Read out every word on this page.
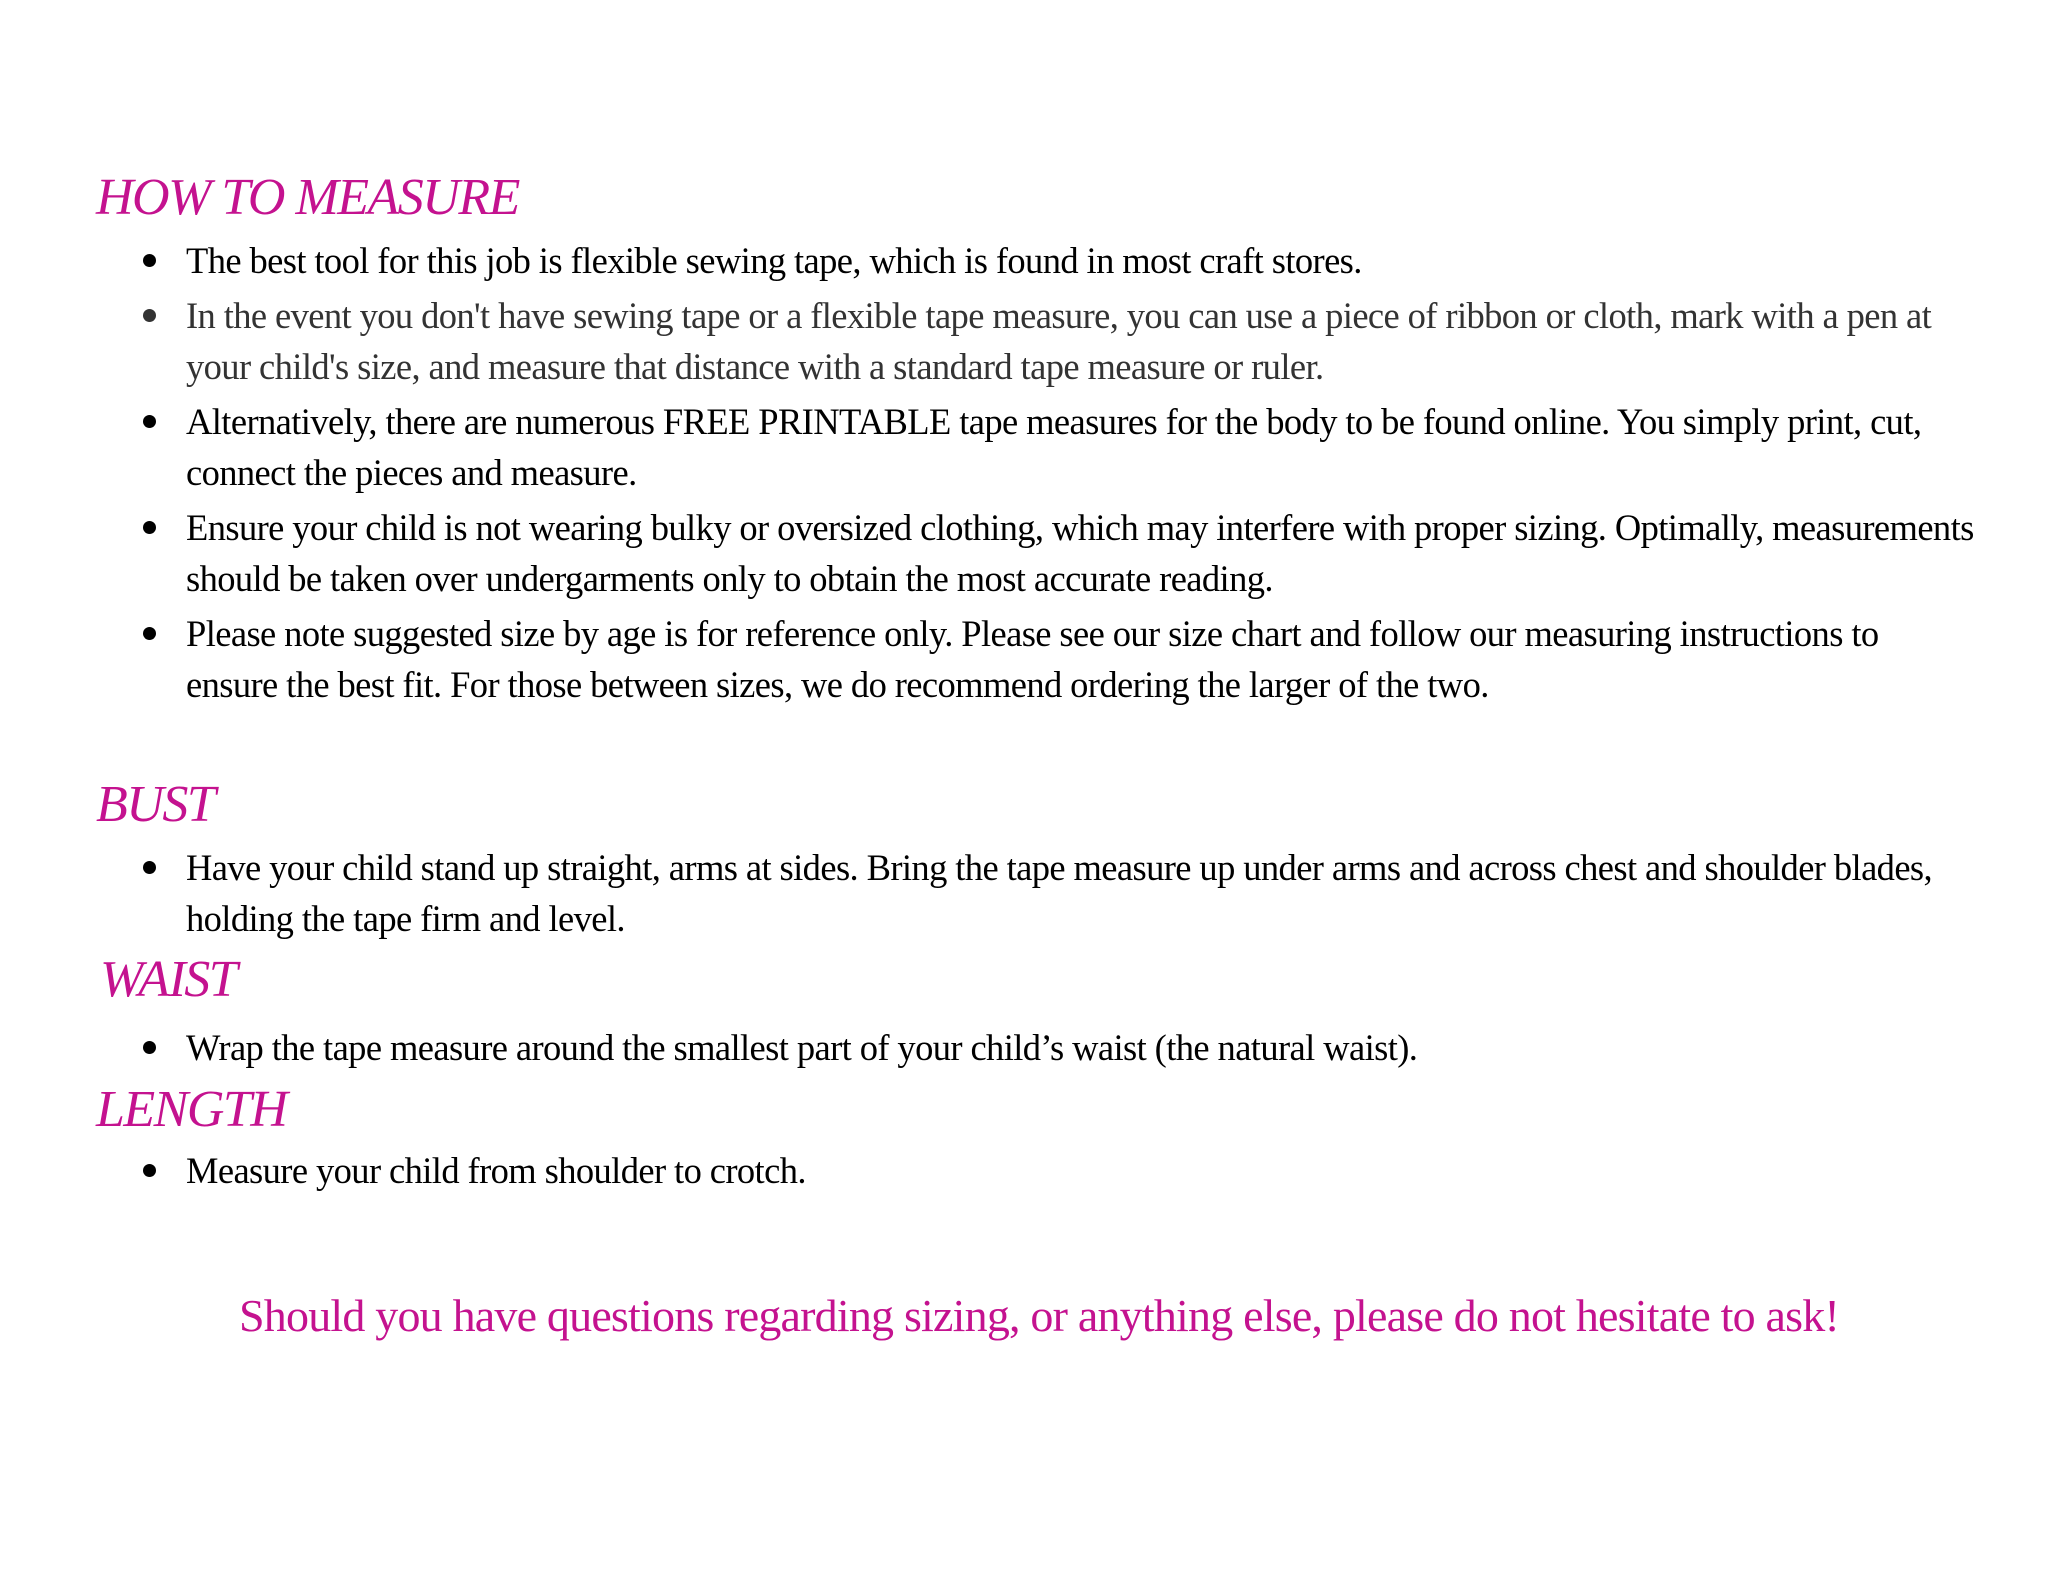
HOW TO MEASURE
The best tool for this job is flexible sewing tape, which is found in most craft stores.
In the event you don't have sewing tape or a flexible tape measure, you can use a piece of ribbon or cloth, mark with a pen at your child's size, and measure that distance with a standard tape measure or ruler.
Alternatively, there are numerous FREE PRINTABLE tape measures for the body to be found online. You simply print, cut, connect the pieces and measure.
Ensure your child is not wearing bulky or oversized clothing, which may interfere with proper sizing. Optimally, measurements should be taken over undergarments only to obtain the most accurate reading.
Please note suggested size by age is for reference only. Please see our size chart and follow our measuring instructions to ensure the best fit. For those between sizes, we do recommend ordering the larger of the two.
BUST
Have your child stand up straight, arms at sides. Bring the tape measure up under arms and across chest and shoulder blades, holding the tape firm and level.
WAIST
Wrap the tape measure around the smallest part of your child’s waist (the natural waist).
LENGTH
Measure your child from shoulder to crotch.

Should you have questions regarding sizing, or anything else, please do not hesitate to ask!
